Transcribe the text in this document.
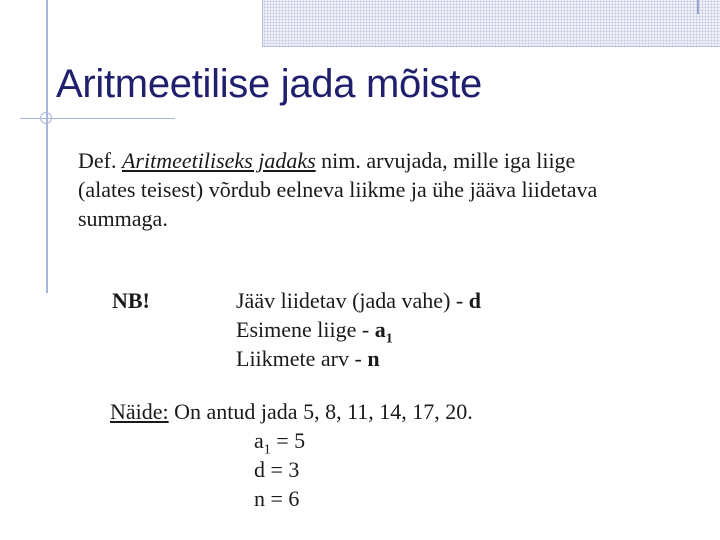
Aritmeetilise jada mõiste
Def. Aritmeetiliseks jadaks nim. arvujada, mille iga liige (alates teisest) võrdub eelneva liikme ja ühe jääva liidetava summaga.
NB!	Jääv liidetav (jada vahe) - d
Esimene liige - $a_1$
Liikmete arv - n
Näide: On antud jada 5, 8, 11, 14, 17, 20.
$a_1 = 5$
d = 3
n = 6
